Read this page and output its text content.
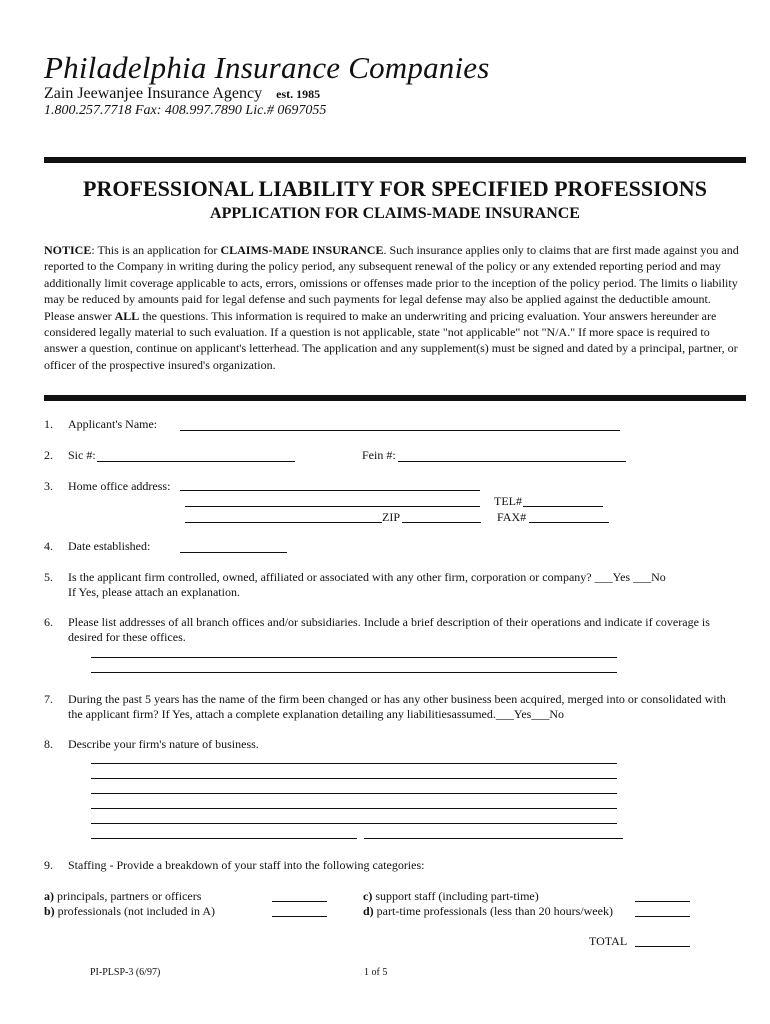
Philadelphia Insurance Companies
Zain Jeewanjee Insurance Agency est. 1985
1.800.257.7718 Fax: 408.997.7890 Lic.# 0697055
PROFESSIONAL LIABILITY FOR SPECIFIED PROFESSIONS
APPLICATION FOR CLAIMS-MADE INSURANCE
NOTICE: This is an application for CLAIMS-MADE INSURANCE. Such insurance applies only to claims that are first made against you and reported to the Company in writing during the policy period, any subsequent renewal of the policy or any extended reporting period and may additionally limit coverage applicable to acts, errors, omissions or offenses made prior to the inception of the policy period. The limits o liability may be reduced by amounts paid for legal defense and such payments for legal defense may also be applied against the deductible amount.
Please answer ALL the questions. This information is required to make an underwriting and pricing evaluation. Your answers hereunder are considered legally material to such evaluation. If a question is not applicable, state "not applicable" not "N/A." If more space is required to answer a question, continue on applicant's letterhead. The application and any supplement(s) must be signed and dated by a principal, partner, or officer of the prospective insured's organization.
1. Applicant's Name:
2. Sic #:	Fein #:
3. Home office address:
TEL#
ZIP	FAX#
4. Date established:
5. Is the applicant firm controlled, owned, affiliated or associated with any other firm, corporation or company? ___Yes ___No
If Yes, please attach an explanation.
6. Please list addresses of all branch offices and/or subsidiaries. Include a brief description of their operations and indicate if coverage is
desired for these offices.
7. During the past 5 years has the name of the firm been changed or has any other business been acquired, merged into or consolidated with
the applicant firm? If Yes, attach a complete explanation detailing any liabilitiesassumed.___Yes___No
8. Describe your firm's nature of business.
9. Staffing - Provide a breakdown of your staff into the following categories:
a) principals, partners or officers	c) support staff (including part-time)
b) professionals (not included in A)	d) part-time professionals (less than 20 hours/week)
TOTAL
PI-PLSP-3 (6/97)	1 of 5
